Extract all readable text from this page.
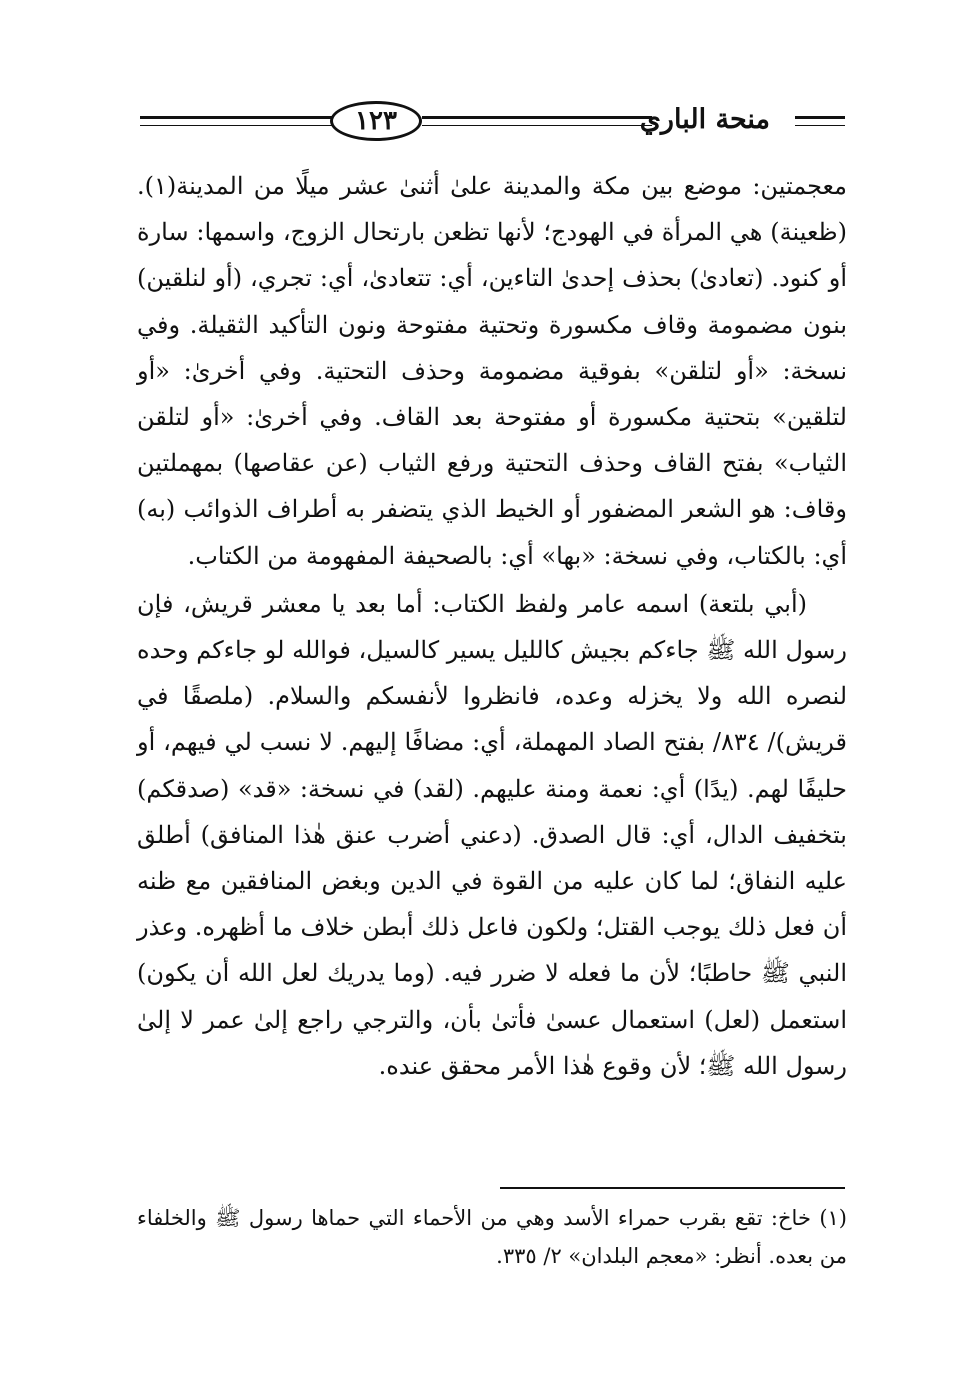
١٢٣	منحة الباري

معجمتين: موضع بين مكة والمدينة علىٰ أثنىٰ عشر ميلًا من المدينة(١). (ظعينة) هي المرأة في الهودج؛ لأنها تظعن بارتحال الزوج، واسمها: سارة أو كنود. (تعادىٰ) بحذف إحدىٰ التاءين، أي: تتعادىٰ، أي: تجري، (أو لنلقين) بنون مضمومة وقاف مكسورة وتحتية مفتوحة ونون التأكيد الثقيلة. وفي نسخة: «أو لتلقن» بفوقية مضمومة وحذف التحتية. وفي أخرىٰ: «أو لتلقين» بتحتية مكسورة أو مفتوحة بعد القاف. وفي أخرىٰ: «أو لتلقن الثياب» بفتح القاف وحذف التحتية ورفع الثياب (عن عقاصها) بمهملتين وقاف: هو الشعر المضفور أو الخيط الذي يتضفر به أطراف الذوائب (به) أي: بالكتاب، وفي نسخة: «بها» أي: بالصحيفة المفهومة من الكتاب.

(أبي بلتعة) اسمه عامر ولفظ الكتاب: أما بعد يا معشر قريش، فإن رسول الله ﷺ جاءكم بجيش كالليل يسير كالسيل، فوالله لو جاءكم وحده لنصره الله ولا يخزله وعده، فانظروا لأنفسكم والسلام. (ملصقًا في قريش)/ ٨٣٤/ بفتح الصاد المهملة، أي: مضافًا إليهم. لا نسب لي فيهم، أو حليفًا لهم. (يدًا) أي: نعمة ومنة عليهم. (لقد) في نسخة: «قد» (صدقكم) بتخفيف الدال، أي: قال الصدق. (دعني أضرب عنق هٰذا المنافق) أطلق عليه النفاق؛ لما كان عليه من القوة في الدين وبغض المنافقين مع ظنه أن فعل ذلك يوجب القتل؛ ولكون فاعل ذلك أبطن خلاف ما أظهره. وعذر النبي ﷺ حاطبًا؛ لأن ما فعله لا ضرر فيه. (وما يدريك لعل الله أن يكون) استعمل (لعل) استعمال عسىٰ فأتىٰ بأن، والترجي راجع إلىٰ عمر لا إلىٰ رسول الله ﷺ؛ لأن وقوع هٰذا الأمر محقق عنده.

(١) خاخ: تقع بقرب حمراء الأسد وهي من الأحماء التي حماها رسول ﷺ والخلفاء من بعده. أنظر: «معجم البلدان» ٢/ ٣٣٥.
